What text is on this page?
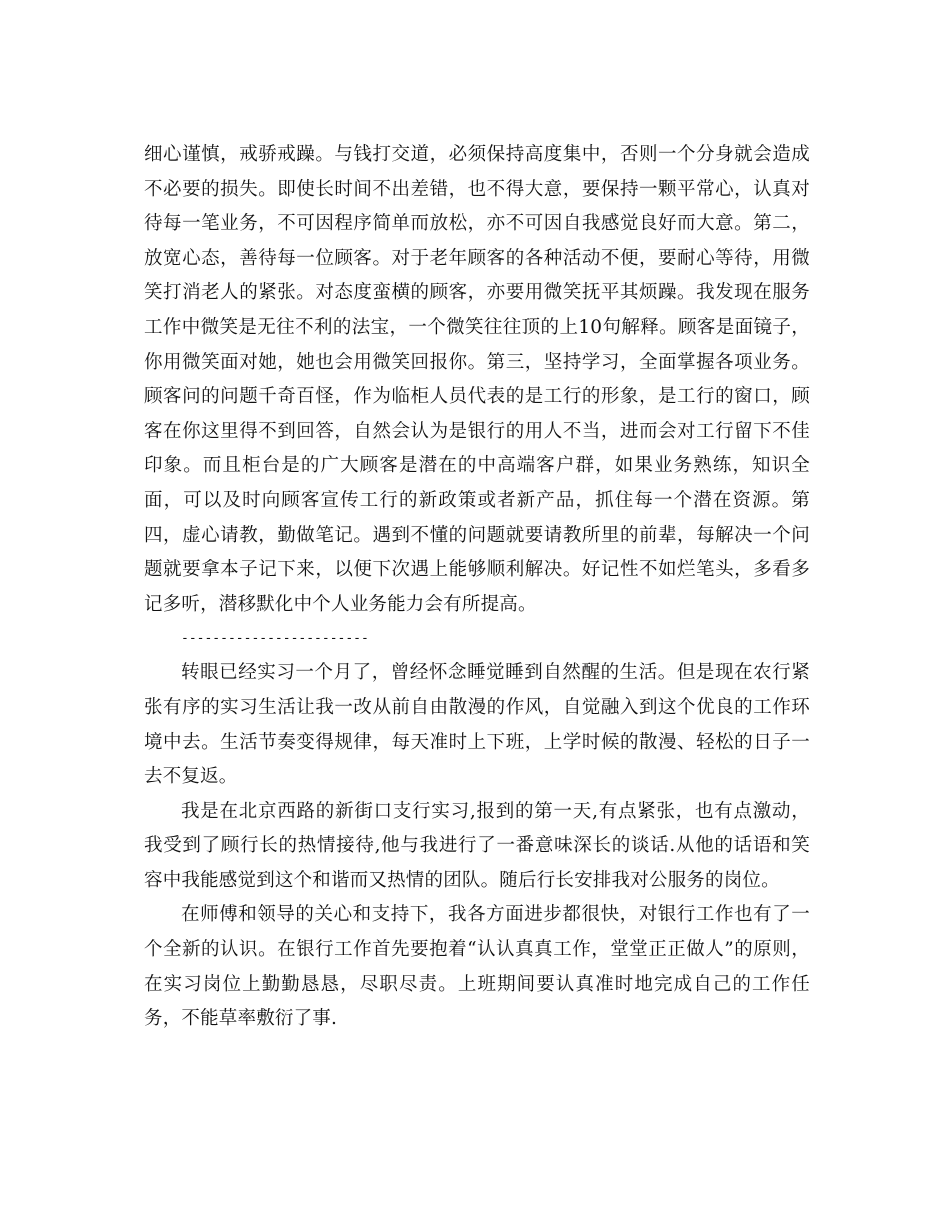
细心谨慎，戒骄戒躁。与钱打交道，必须保持高度集中，否则一个分身就会造成不必要的损失。即使长时间不出差错，也不得大意，要保持一颗平常心，认真对待每一笔业务，不可因程序简单而放松，亦不可因自我感觉良好而大意。第二，放宽心态，善待每一位顾客。对于老年顾客的各种活动不便，要耐心等待，用微笑打消老人的紧张。对态度蛮横的顾客，亦要用微笑抚平其烦躁。我发现在服务工作中微笑是无往不利的法宝，一个微笑往往顶的上10句解释。顾客是面镜子，你用微笑面对她，她也会用微笑回报你。第三，坚持学习，全面掌握各项业务。顾客问的问题千奇百怪，作为临柜人员代表的是工行的形象，是工行的窗口，顾客在你这里得不到回答，自然会认为是银行的用人不当，进而会对工行留下不佳印象。而且柜台是的广大顾客是潜在的中高端客户群，如果业务熟练，知识全面，可以及时向顾客宣传工行的新政策或者新产品，抓住每一个潜在资源。第四，虚心请教，勤做笔记。遇到不懂的问题就要请教所里的前辈，每解决一个问题就要拿本子记下来，以便下次遇上能够顺利解决。好记性不如烂笔头，多看多记多听，潜移默化中个人业务能力会有所提高。

------------------------

转眼已经实习一个月了，曾经怀念睡觉睡到自然醒的生活。但是现在农行紧张有序的实习生活让我一改从前自由散漫的作风，自觉融入到这个优良的工作环境中去。生活节奏变得规律，每天准时上下班，上学时候的散漫、轻松的日子一去不复返。

我是在北京西路的新街口支行实习,报到的第一天,有点紧张，也有点激动，我受到了顾行长的热情接待,他与我进行了一番意味深长的谈话.从他的话语和笑容中我能感觉到这个和谐而又热情的团队。随后行长安排我对公服务的岗位。

在师傅和领导的关心和支持下，我各方面进步都很快，对银行工作也有了一个全新的认识。在银行工作首先要抱着“认认真真工作，堂堂正正做人”的原则，在实习岗位上勤勤恳恳，尽职尽责。上班期间要认真准时地完成自己的工作任务，不能草率敷衍了事.
